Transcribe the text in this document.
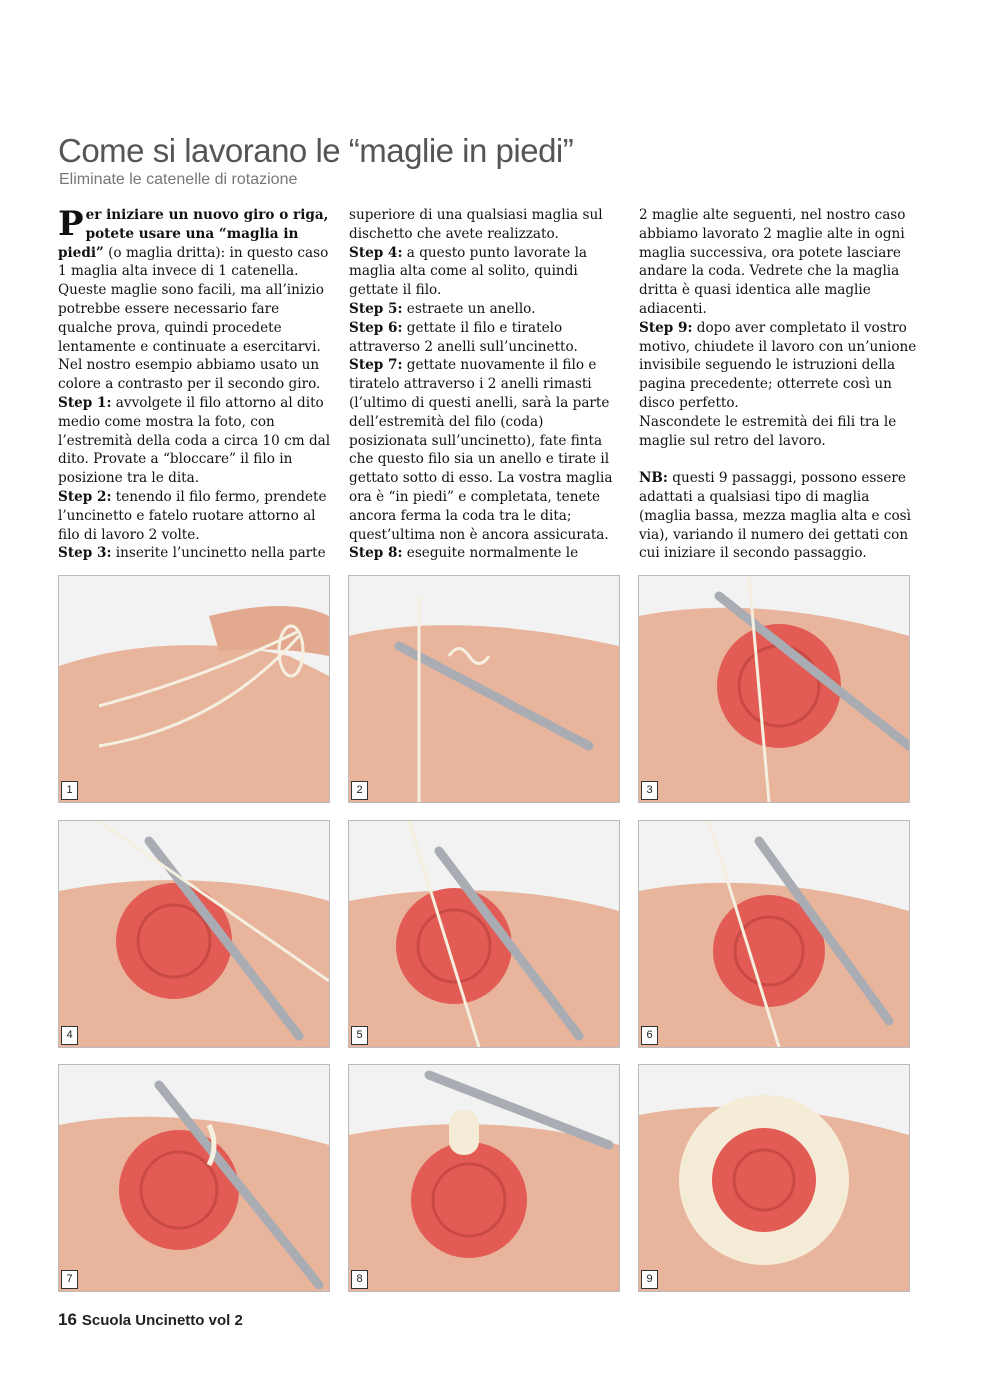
Come si lavorano le “maglie in piedi”
Eliminate le catenelle di rotazione

Per iniziare un nuovo giro o riga, potete usare una “maglia in piedi” (o maglia dritta): in questo caso 1 maglia alta invece di 1 catenella. Queste maglie sono facili, ma all’inizio potrebbe essere necessario fare qualche prova, quindi procedete lentamente e continuate a esercitarvi. Nel nostro esempio abbiamo usato un colore a contrasto per il secondo giro.

Step 1: avvolgete il filo attorno al dito medio come mostra la foto, con l’estremità della coda a circa 10 cm dal dito. Provate a “bloccare” il filo in posizione tra le dita.

Step 2: tenendo il filo fermo, prendete l’uncinetto e fatelo ruotare attorno al filo di lavoro 2 volte.

Step 3: inserite l’uncinetto nella parte

superiore di una qualsiasi maglia sul dischetto che avete realizzato.

Step 4: a questo punto lavorate la maglia alta come al solito, quindi gettate il filo.

Step 5: estraete un anello.

Step 6: gettate il filo e tiratelo attraverso 2 anelli sull’uncinetto.

Step 7: gettate nuovamente il filo e tiratelo attraverso i 2 anelli rimasti (l’ultimo di questi anelli, sarà la parte dell’estremità del filo (coda) posizionata sull’uncinetto), fate finta che questo filo sia un anello e tirate il gettato sotto di esso. La vostra maglia ora è “in piedi” e completata, tenete ancora ferma la coda tra le dita; quest’ultima non è ancora assicurata.

Step 8: eseguite normalmente le

2 maglie alte seguenti, nel nostro caso abbiamo lavorato 2 maglie alte in ogni maglia successiva, ora potete lasciare andare la coda. Vedrete che la maglia dritta è quasi identica alle maglie adiacenti.

Step 9: dopo aver completato il vostro motivo, chiudete il lavoro con un’unione invisibile seguendo le istruzioni della pagina precedente; otterrete così un disco perfetto.

Nascondete le estremità dei fili tra le maglie sul retro del lavoro.

NB: questi 9 passaggi, possono essere adattati a qualsiasi tipo di maglia (maglia bassa, mezza maglia alta e così via), variando il numero dei gettati con cui iniziare il secondo passaggio.

1	2	3
4	5	6
7	8	9
16 Scuola Uncinetto vol 2
